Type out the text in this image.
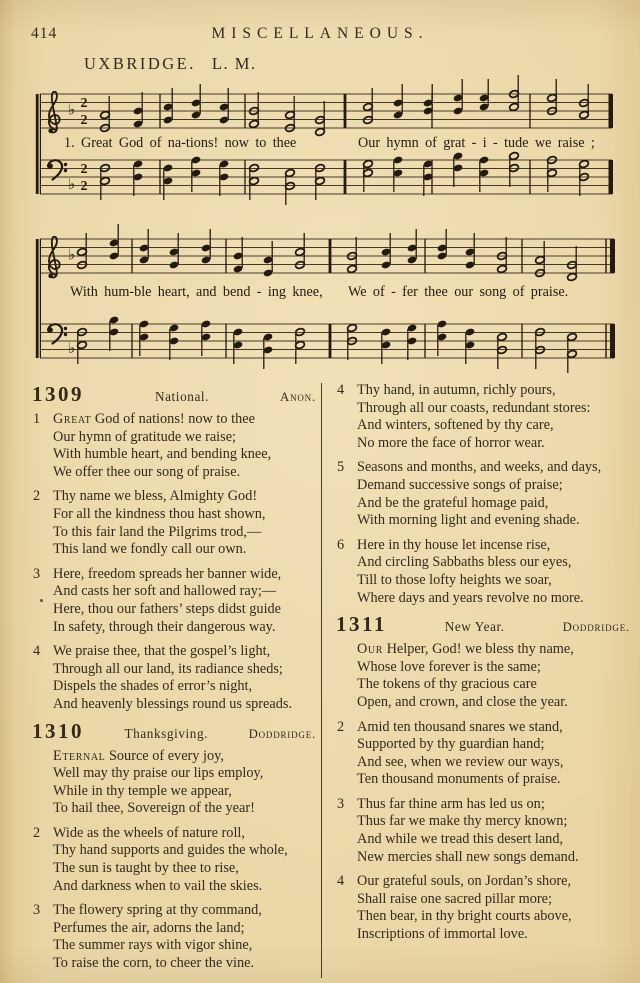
414	MISCELLANEOUS.
UXBRIDGE. L. M.
♭
♭
2
2
2
2
1. Great God of na-tions! now to thee	Our hymn of grat - i - tude we raise ;
♭
♭
With hum-ble heart, and bend - ing knee, We of - fer thee our song of praise.
1309	National.	Anon.
1 Great God of nations! now to thee
Our hymn of gratitude we raise;
With humble heart, and bending knee,
We offer thee our song of praise.
2 Thy name we bless, Almighty God!
For all the kindness thou hast shown,
To this fair land the Pilgrims trod,—
This land we fondly call our own.
3 Here, freedom spreads her banner wide,
And casts her soft and hallowed ray;—
Here, thou our fathers’ steps didst guide
In safety, through their dangerous way.
4 We praise thee, that the gospel’s light,
Through all our land, its radiance sheds;
Dispels the shades of error’s night,
And heavenly blessings round us spreads.
1310	Thanksgiving.	Doddridge.
Eternal Source of every joy,
Well may thy praise our lips employ,
While in thy temple we appear,
To hail thee, Sovereign of the year!
2 Wide as the wheels of nature roll,
Thy hand supports and guides the whole,
The sun is taught by thee to rise,
And darkness when to vail the skies.
3 The flowery spring at thy command,
Perfumes the air, adorns the land;
The summer rays with vigor shine,
To raise the corn, to cheer the vine.
4 Thy hand, in autumn, richly pours,
Through all our coasts, redundant stores:
And winters, softened by thy care,
No more the face of horror wear.
5 Seasons and months, and weeks, and days,
Demand successive songs of praise;
And be the grateful homage paid,
With morning light and evening shade.
6 Here in thy house let incense rise,
And circling Sabbaths bless our eyes,
Till to those lofty heights we soar,
Where days and years revolve no more.
1311	New Year.	Doddridge.
Our Helper, God! we bless thy name,
Whose love forever is the same;
The tokens of thy gracious care
Open, and crown, and close the year.
2 Amid ten thousand snares we stand,
Supported by thy guardian hand;
And see, when we review our ways,
Ten thousand monuments of praise.
3 Thus far thine arm has led us on;
Thus far we make thy mercy known;
And while we tread this desert land,
New mercies shall new songs demand.
4 Our grateful souls, on Jordan’s shore,
Shall raise one sacred pillar more;
Then bear, in thy bright courts above,
Inscriptions of immortal love.
